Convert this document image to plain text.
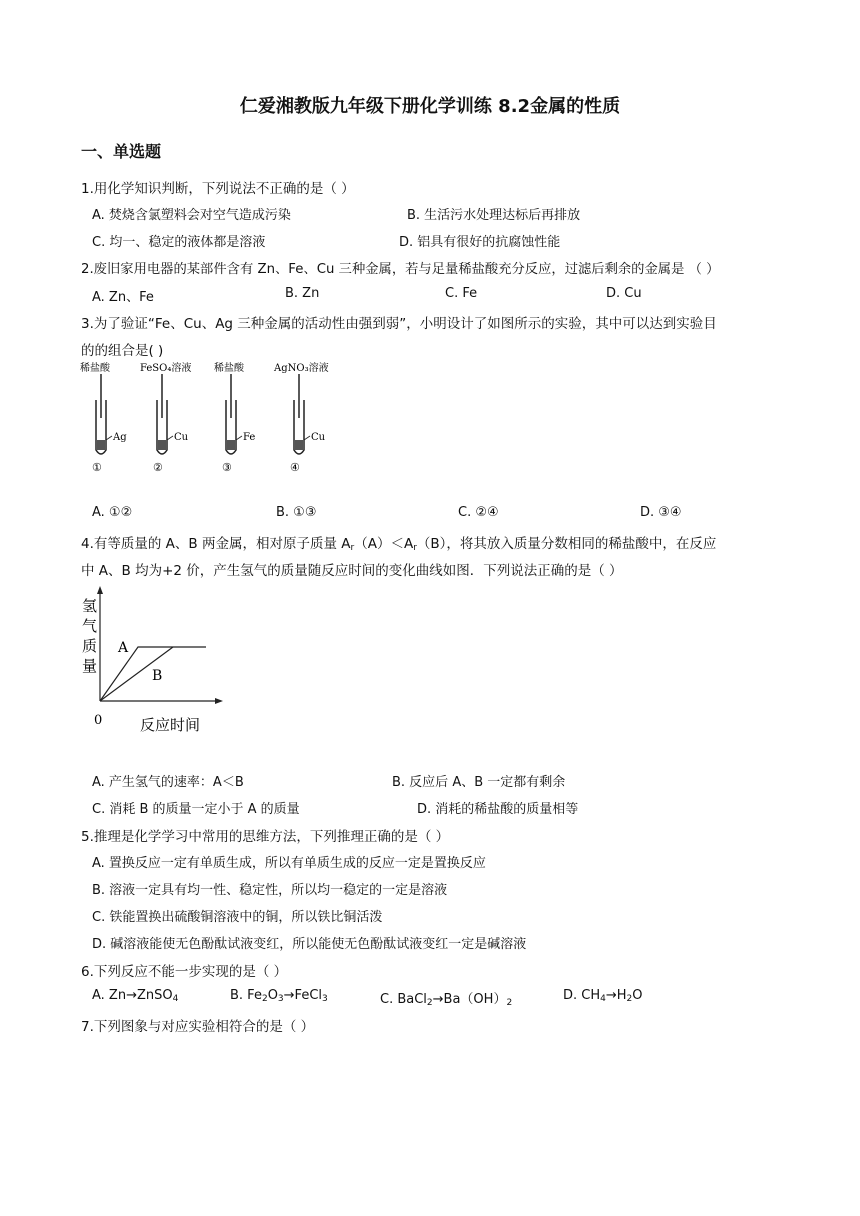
仁爱湘教版九年级下册化学训练 8.2金属的性质
一、单选题
1.用化学知识判断，下列说法不正确的是（ ）
A. 焚烧含氯塑料会对空气造成污染	B. 生活污水处理达标后再排放
C. 均一、稳定的液体都是溶液	D. 铝具有很好的抗腐蚀性能
2.废旧家用电器的某部件含有 Zn、Fe、Cu 三种金属，若与足量稀盐酸充分反应，过滤后剩余的金属是 （ ）
A. Zn、Fe	B. Zn	C. Fe	D. Cu
3.为了验证“Fe、Cu、Ag 三种金属的活动性由强到弱”，小明设计了如图所示的实验，其中可以达到实验目
的的组合是( )
稀盐酸
Ag
①
FeSO₄溶液
Cu
②
稀盐酸
Fe
③
AgNO₃溶液
Cu
④
A. ①②	B. ①③	C. ②④	D. ③④
4.有等质量的 A、B 两金属，相对原子质量 $A_r(A)<A_r(B)$，将其放入质量分数相同的稀盐酸中，在反应
中 A、B 均为+2 价，产生氢气的质量随反应时间的变化曲线如图．下列说法正确的是（ ）
氢
气
质
量
0	反应时间
A
B
A. 产生氢气的速率：A＜B	B. 反应后 A、B 一定都有剩余
C. 消耗 B 的质量一定小于 A 的质量	D. 消耗的稀盐酸的质量相等
5.推理是化学学习中常用的思维方法，下列推理正确的是（ ）
A. 置换反应一定有单质生成，所以有单质生成的反应一定是置换反应
B. 溶液一定具有均一性、稳定性，所以均一稳定的一定是溶液
C. 铁能置换出硫酸铜溶液中的铜，所以铁比铜活泼
D. 碱溶液能使无色酚酞试液变红，所以能使无色酚酞试液变红一定是碱溶液
6.下列反应不能一步实现的是（ ）
A. Zn→ZnSO$_4$	B. $Fe_2O_3\to FeCl_3$	C. $BaCl_2\to Ba(OH)_2$	D. $CH_4\to H_2O$
7.下列图象与对应实验相符合的是（ ）
